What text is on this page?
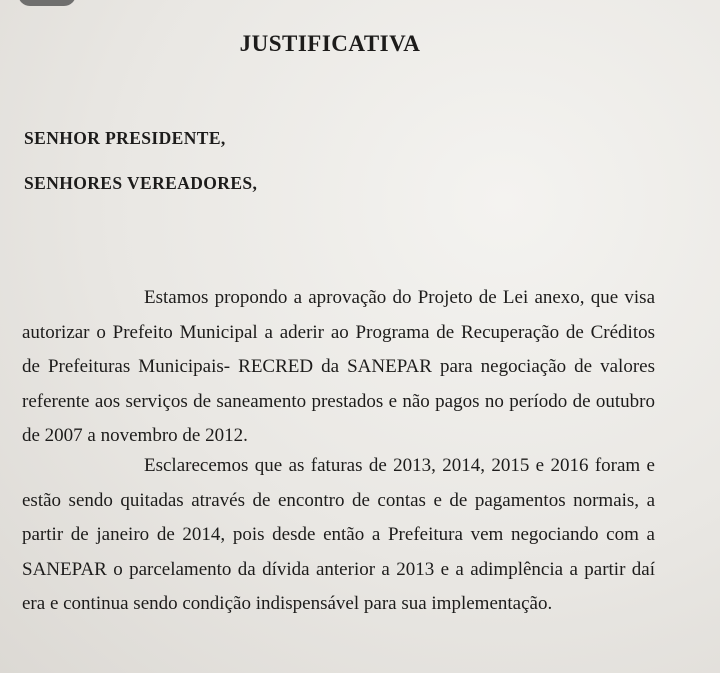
JUSTIFICATIVA
SENHOR PRESIDENTE,
SENHORES VEREADORES,

Estamos propondo a aprovação do Projeto de Lei anexo, que visa autorizar o Prefeito Municipal a aderir ao Programa de Recuperação de Créditos de Prefeituras Municipais- RECRED da SANEPAR para negociação de valores referente aos serviços de saneamento prestados e não pagos no período de outubro de 2007 a novembro de 2012.

Esclarecemos que as faturas de 2013, 2014, 2015 e 2016 foram e estão sendo quitadas através de encontro de contas e de pagamentos normais, a partir de janeiro de 2014, pois desde então a Prefeitura vem negociando com a SANEPAR o parcelamento da dívida anterior a 2013 e a adimplência a partir daí era e continua sendo condição indispensável para sua implementação.
